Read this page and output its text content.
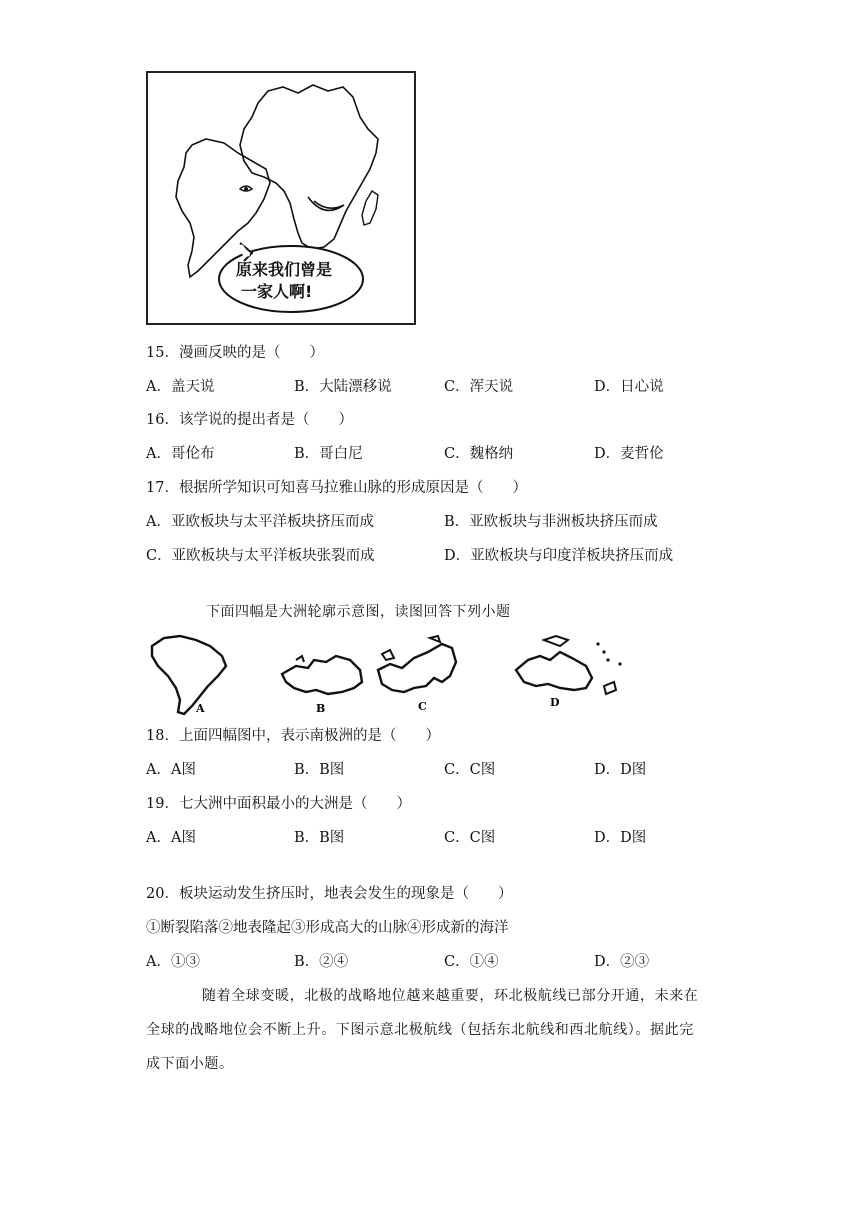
原来我们曾是
一家人啊!
15．漫画反映的是（　　）
A．盖天说	B．大陆漂移说	C．浑天说	D．日心说
16．该学说的提出者是（　　）
A．哥伦布	B．哥白尼	C．魏格纳	D．麦哲伦
17．根据所学知识可知喜马拉雅山脉的形成原因是（　　）
A．亚欧板块与太平洋板块挤压而成	B．亚欧板块与非洲板块挤压而成
C．亚欧板块与太平洋板块张裂而成	D．亚欧板块与印度洋板块挤压而成
下面四幅是大洲轮廓示意图，读图回答下列小题
A	B	C	D
18．上面四幅图中，表示南极洲的是（　　）
A．A图	B．B图	C．C图	D．D图
19．七大洲中面积最小的大洲是（　　）
A．A图	B．B图	C．C图	D．D图
20．板块运动发生挤压时，地表会发生的现象是（　　）
①断裂陷落②地表隆起③形成高大的山脉④形成新的海洋
A．①③	B．②④	C．①④	D．②③
随着全球变暖，北极的战略地位越来越重要，环北极航线已部分开通，未来在
全球的战略地位会不断上升。下图示意北极航线（包括东北航线和西北航线）。据此完
成下面小题。
